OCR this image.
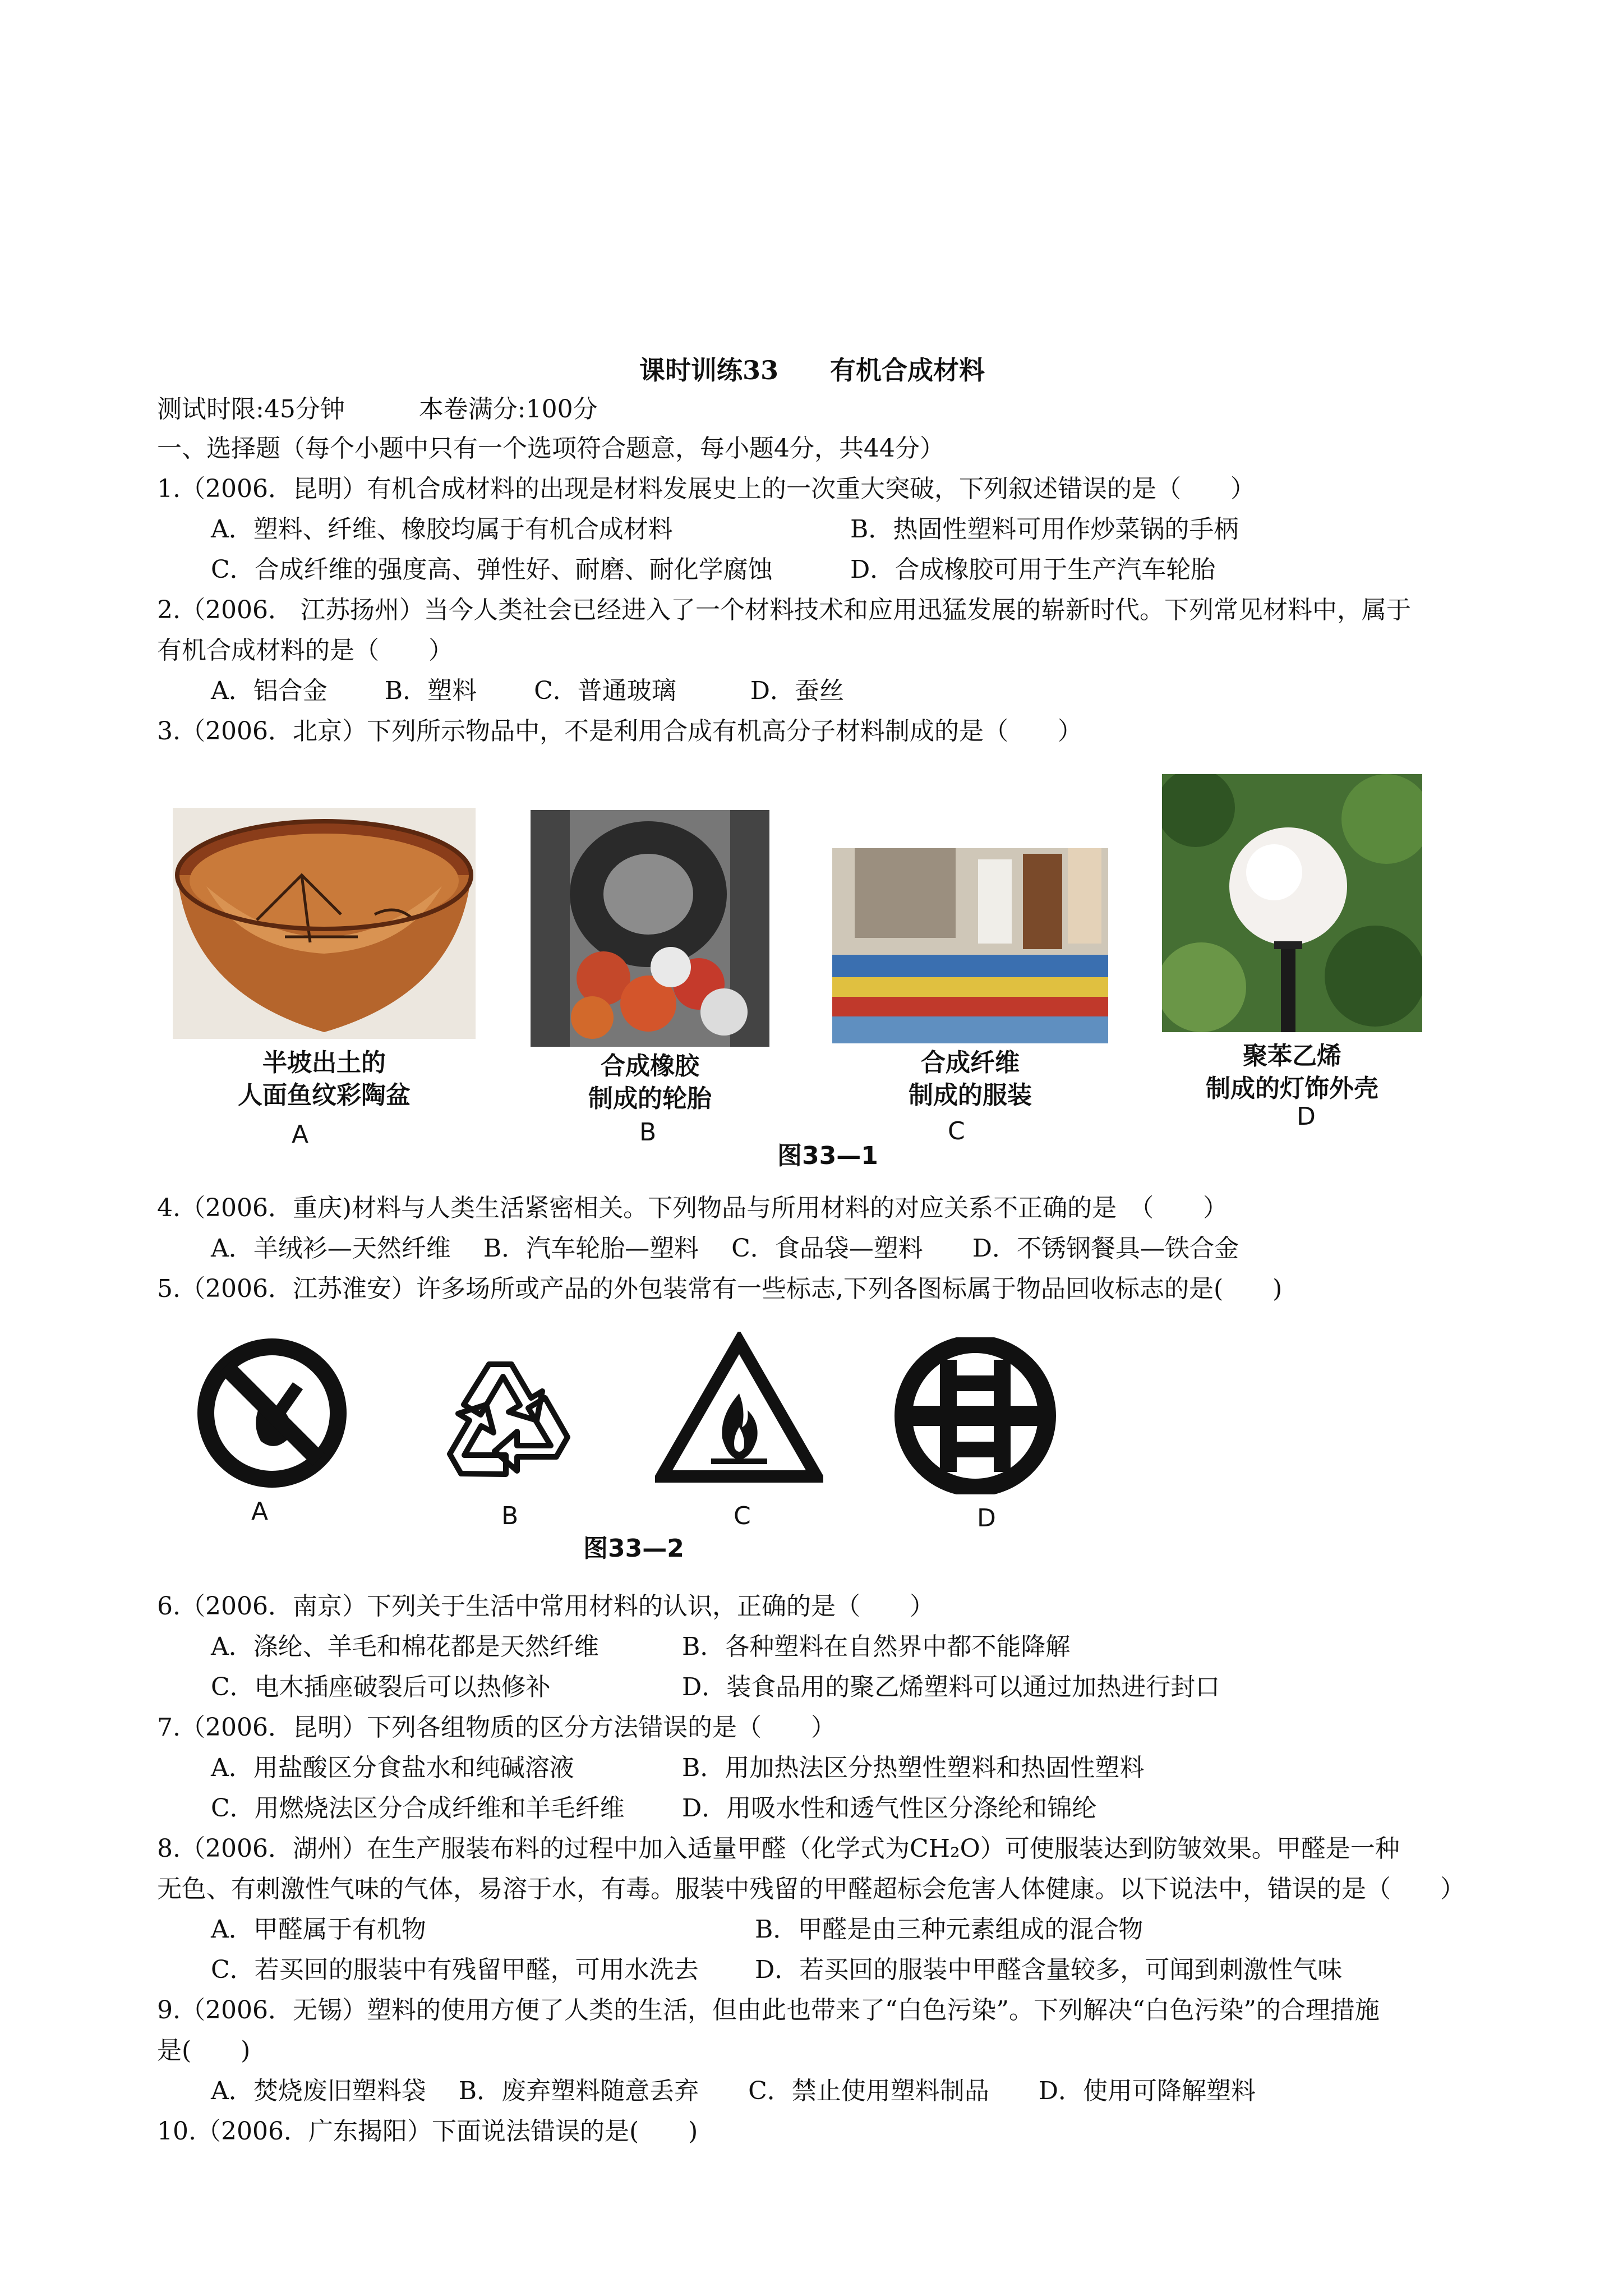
课时训练33　　有机合成材料
测试时限:45分钟　　　本卷满分:100分
一、选择题（每个小题中只有一个选项符合题意，每小题4分，共44分）
1.（2006．昆明）有机合成材料的出现是材料发展史上的一次重大突破，下列叙述错误的是（　　）
A．塑料、纤维、橡胶均属于有机合成材料	B．热固性塑料可用作炒菜锅的手柄
C．合成纤维的强度高、弹性好、耐磨、耐化学腐蚀	D．合成橡胶可用于生产汽车轮胎
2.（2006． 江苏扬州）当今人类社会已经进入了一个材料技术和应用迅猛发展的崭新时代。下列常见材料中，属于
有机合成材料的是（　　）
A．铝合金　　 B．塑料　　 C．普通玻璃　　　D．蚕丝
3.（2006．北京）下列所示物品中，不是利用合成有机高分子材料制成的是（　　）
半坡出土的
人面鱼纹彩陶盆
合成橡胶
制成的轮胎
合成纤维
制成的服装
聚苯乙烯
制成的灯饰外壳
A	B	C
D
图33—1
4.（2006．重庆)材料与人类生活紧密相关。下列物品与所用材料的对应关系不正确的是　（　　）
A．羊绒衫—天然纤维　 B．汽车轮胎—塑料　 C．食品袋—塑料　　D．不锈钢餐具—铁合金
5.（2006．江苏淮安）许多场所或产品的外包装常有一些标志,下列各图标属于物品回收标志的是(　　)
A	B	C	D
图33—2
6.（2006．南京）下列关于生活中常用材料的认识，正确的是（　　）
A．涤纶、羊毛和棉花都是天然纤维	B．各种塑料在自然界中都不能降解
C．电木插座破裂后可以热修补	D．装食品用的聚乙烯塑料可以通过加热进行封口
7.（2006．昆明）下列各组物质的区分方法错误的是（　　）
A．用盐酸区分食盐水和纯碱溶液	B．用加热法区分热塑性塑料和热固性塑料
C．用燃烧法区分合成纤维和羊毛纤维 D．用吸水性和透气性区分涤纶和锦纶
8.（2006．湖州）在生产服装布料的过程中加入适量甲醛（化学式为CH₂O）可使服装达到防皱效果。甲醛是一种
无色、有刺激性气味的气体，易溶于水，有毒。服装中残留的甲醛超标会危害人体健康。以下说法中，错误的是（　　）
A．甲醛属于有机物	B．甲醛是由三种元素组成的混合物
C．若买回的服装中有残留甲醛，可用水洗去 D．若买回的服装中甲醛含量较多，可闻到刺激性气味
9.（2006．无锡）塑料的使用方便了人类的生活，但由此也带来了“白色污染”。下列解决“白色污染”的合理措施
是(　　)
A．焚烧废旧塑料袋　 B．废弃塑料随意丢弃　　C．禁止使用塑料制品　　D．使用可降解塑料
10.（2006．广东揭阳）下面说法错误的是(　　)
